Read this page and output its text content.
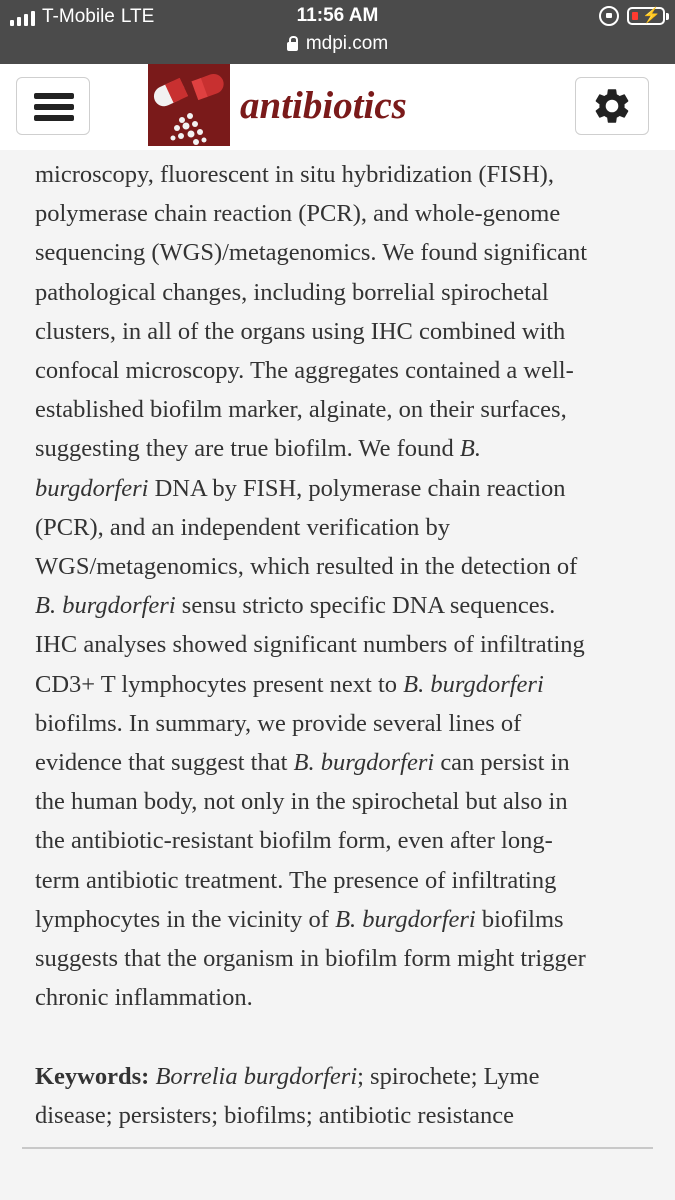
T-Mobile LTE	11:56 AM
mdpi.com
⚡
antibiotics
microscopy, fluorescent in situ hybridization (FISH),
polymerase chain reaction (PCR), and whole-genome
sequencing (WGS)/metagenomics. We found significant
pathological changes, including borrelial spirochetal
clusters, in all of the organs using IHC combined with
confocal microscopy. The aggregates contained a well-
established biofilm marker, alginate, on their surfaces,
suggesting they are true biofilm. We found B.
burgdorferi DNA by FISH, polymerase chain reaction
(PCR), and an independent verification by
WGS/metagenomics, which resulted in the detection of
B. burgdorferi sensu stricto specific DNA sequences.
IHC analyses showed significant numbers of infiltrating
CD3+ T lymphocytes present next to B. burgdorferi
biofilms. In summary, we provide several lines of
evidence that suggest that B. burgdorferi can persist in
the human body, not only in the spirochetal but also in
the antibiotic-resistant biofilm form, even after long-
term antibiotic treatment. The presence of infiltrating
lymphocytes in the vicinity of B. burgdorferi biofilms
suggests that the organism in biofilm form might trigger
chronic inflammation.
Keywords: Borrelia burgdorferi; spirochete; Lyme
disease; persisters; biofilms; antibiotic resistance
